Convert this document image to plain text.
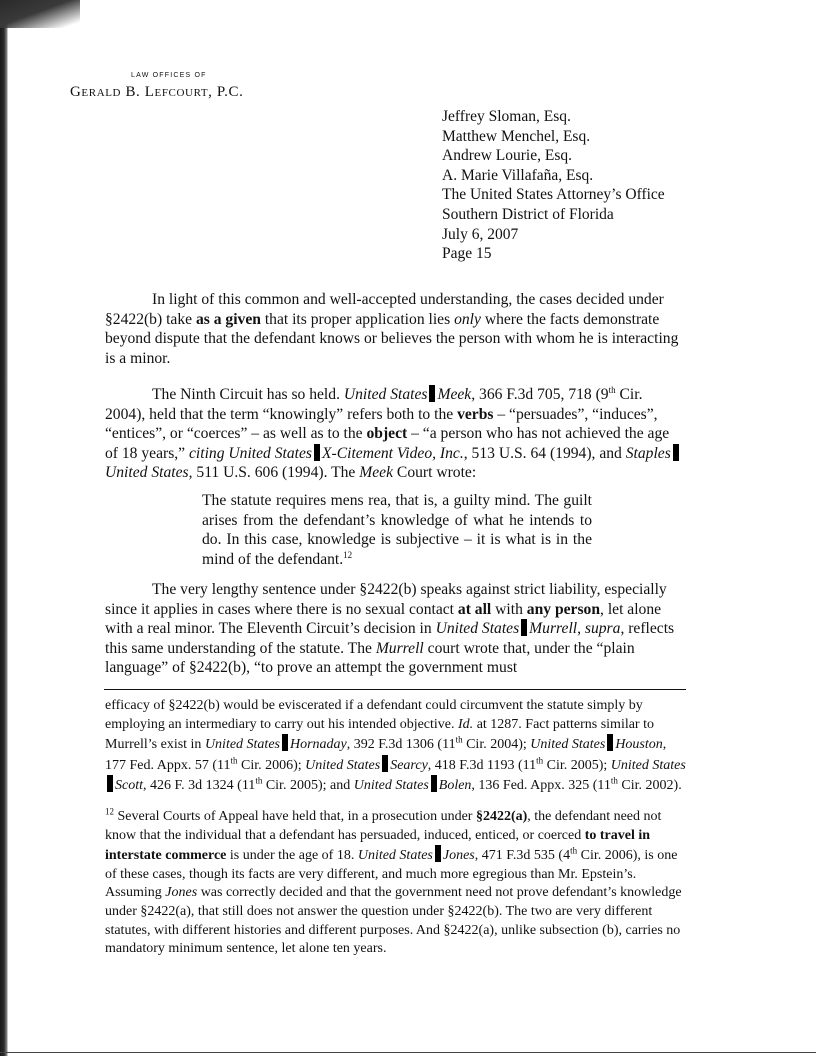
LAW OFFICES OF
Gerald B. Lefcourt, P.C.
Jeffrey Sloman, Esq.
Matthew Menchel, Esq.
Andrew Lourie, Esq.
A. Marie Villafaña, Esq.
The United States Attorney’s Office
Southern District of Florida
July 6, 2007
Page 15
In light of this common and well-accepted understanding, the cases decided under §2422(b) take as a given that its proper application lies only where the facts demonstrate beyond dispute that the defendant knows or believes the person with whom he is interacting is a minor.
The Ninth Circuit has so held. United States Meek, 366 F.3d 705, 718 (9th Cir. 2004), held that the term “knowingly” refers both to the verbs – “persuades”, “induces”, “entices”, or “coerces” – as well as to the object – “a person who has not achieved the age of 18 years,” citing United States X-Citement Video, Inc., 513 U.S. 64 (1994), and StaplesUnited States, 511 U.S. 606 (1994). The Meek Court wrote:
The statute requires mens rea, that is, a guilty mind. The guilt arises from the defendant’s knowledge of what he intends to do. In this case, knowledge is subjective – it is what is in the mind of the defendant.$^{12}$
The very lengthy sentence under §2422(b) speaks against strict liability, especially since it applies in cases where there is no sexual contact at all with any person, let alone with a real minor. The Eleventh Circuit’s decision in United States Murrell, supra, reflects this same understanding of the statute. The Murrell court wrote that, under the “plain language” of §2422(b), “to prove an attempt the government must
efficacy of §2422(b) would be eviscerated if a defendant could circumvent the statute simply by employing an intermediary to carry out his intended objective. Id. at 1287. Fact patterns similar to Murrell’s exist in United States Hornaday, 392 F.3d 1306 (11th Cir. 2004); United States Houston, 177 Fed. Appx. 57 (11th Cir. 2006); United States Searcy, 418 F.3d 1193 (11th Cir. 2005); United StatesScott, 426 F. 3d 1324 (11th Cir. 2005); and United States Bolen, 136 Fed. Appx. 325 (11th Cir. 2002).
$^{12}$ Several Courts of Appeal have held that, in a prosecution under §2422(a), the defendant need not know that the individual that a defendant has persuaded, induced, enticed, or coerced to travel in interstate commerce is under the age of 18. United States Jones, 471 F.3d 535 (4th Cir. 2006), is one of these cases, though its facts are very different, and much more egregious than Mr. Epstein’s. Assuming Jones was correctly decided and that the government need not prove defendant’s knowledge under §2422(a), that still does not answer the question under §2422(b). The two are very different statutes, with different histories and different purposes. And §2422(a), unlike subsection (b), carries no mandatory minimum sentence, let alone ten years.
